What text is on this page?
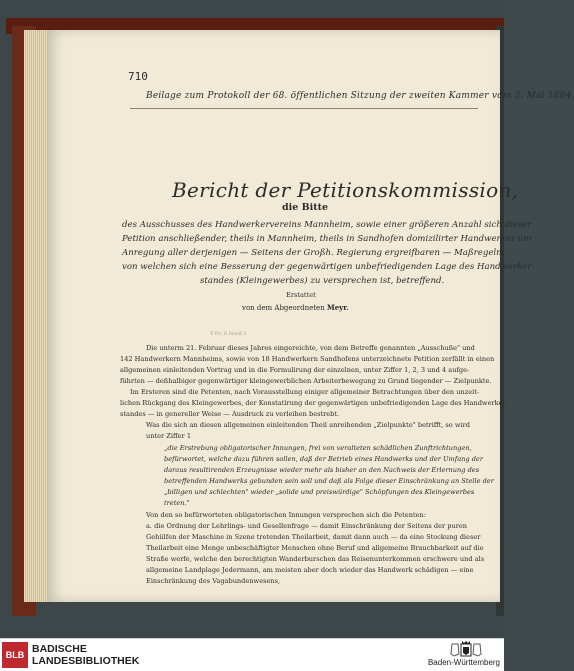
710
Beilage zum Protokoll der 68. öffentlichen Sitzung der zweiten Kammer vom 3. Mai 1884.
Bericht der Petitionskommission,
die Bitte
des Ausschusses des Handwerkervereins Mannheim, sowie einer größeren Anzahl sich dieser
Petition anschließender, theils in Mannheim, theils in Sandhofen domizilirter Handwerker um
Anregung aller derjenigen — Seitens der Großh. Regierung ergreifbaren — Maßregeln,
von welchen sich eine Besserung der gegenwärtigen unbefriedigenden Lage des Handwerker-
standes (Kleingewerbes) zu versprechen ist, betreffend.
Erstattet
von dem Abgeordneten Meyr.
Y Fr: 6 Nord 3
Die unterm 21. Februar dieses Jahres eingereichte, von dem Betreffe genannten „Ausschuße" und
142 Handwerkern Mannheims, sowie von 18 Handwerkern Sandhofens unterzeichnete Petition zerfällt in einen
allgemeinen einleitenden Vortrag und in die Formulirung der einzelnen, unter Ziffer 1, 2, 3 und 4 aufge-
führten — deßhalbiger gegenwärtiger kleingewerblichen Arbeiterbewegung zu Grund liegender — Zielpunkte.
Im Ersteren sind die Petenten, nach Vorausstellung einiger allgemeiner Betrachtungen über den unzeit-
lichen Rückgang des Kleingewerbes, der Konstatirung der gegenwärtigen unbefriedigenden Lage des Handwerker-
standes — in genereller Weise — Ausdruck zu verleihen bestrebt.
Was die sich an diesen allgemeinen einleitenden Theil anreihenden „Zielpunkte" betrifft, so wird
unter Ziffer 1
„die Erstrebung obligatorischer Innungen, frei von veralteten schädlichen Zunftrichtungen,
befürwortet, welche dazu führen sollen, daß der Betrieb eines Handwerks und der Umfang der
daraus resultirenden Erzeugnisse wieder mehr als bisher an den Nachweis der Erlernung des
betreffenden Handwerks gebunden sein soll und daß als Folge dieser Einschränkung an Stelle der
„billigen und schlechten" wieder „solide und preiswürdige" Schöpfungen des Kleingewerbes
treten."
Von den so befürworteten obligatorischen Innungen versprechen sich die Petenten:
a. die Ordnung der Lehrlings- und Gesellenfrage — damit Einschränkung der Seitens der puren
Gehülfen der Maschine in Szene tretenden Theilarbeit, damit dann auch — da eine Stockung dieser
Theilarbeit eine Menge unbeschäftigter Menschen ohne Beruf und allgemeine Brauchbarkeit auf die
Straße werfe, welche den berechtigten Wanderburschen das Reisenunterkommen erschwere und als
allgemeine Landplage Jedermann, am meisten aber doch wieder das Handwerk schädigen — eine
Einschränkung des Vagabundenwesens,
BLB BADISCHE
LANDESBIBLIOTHEK	Baden-Württemberg
